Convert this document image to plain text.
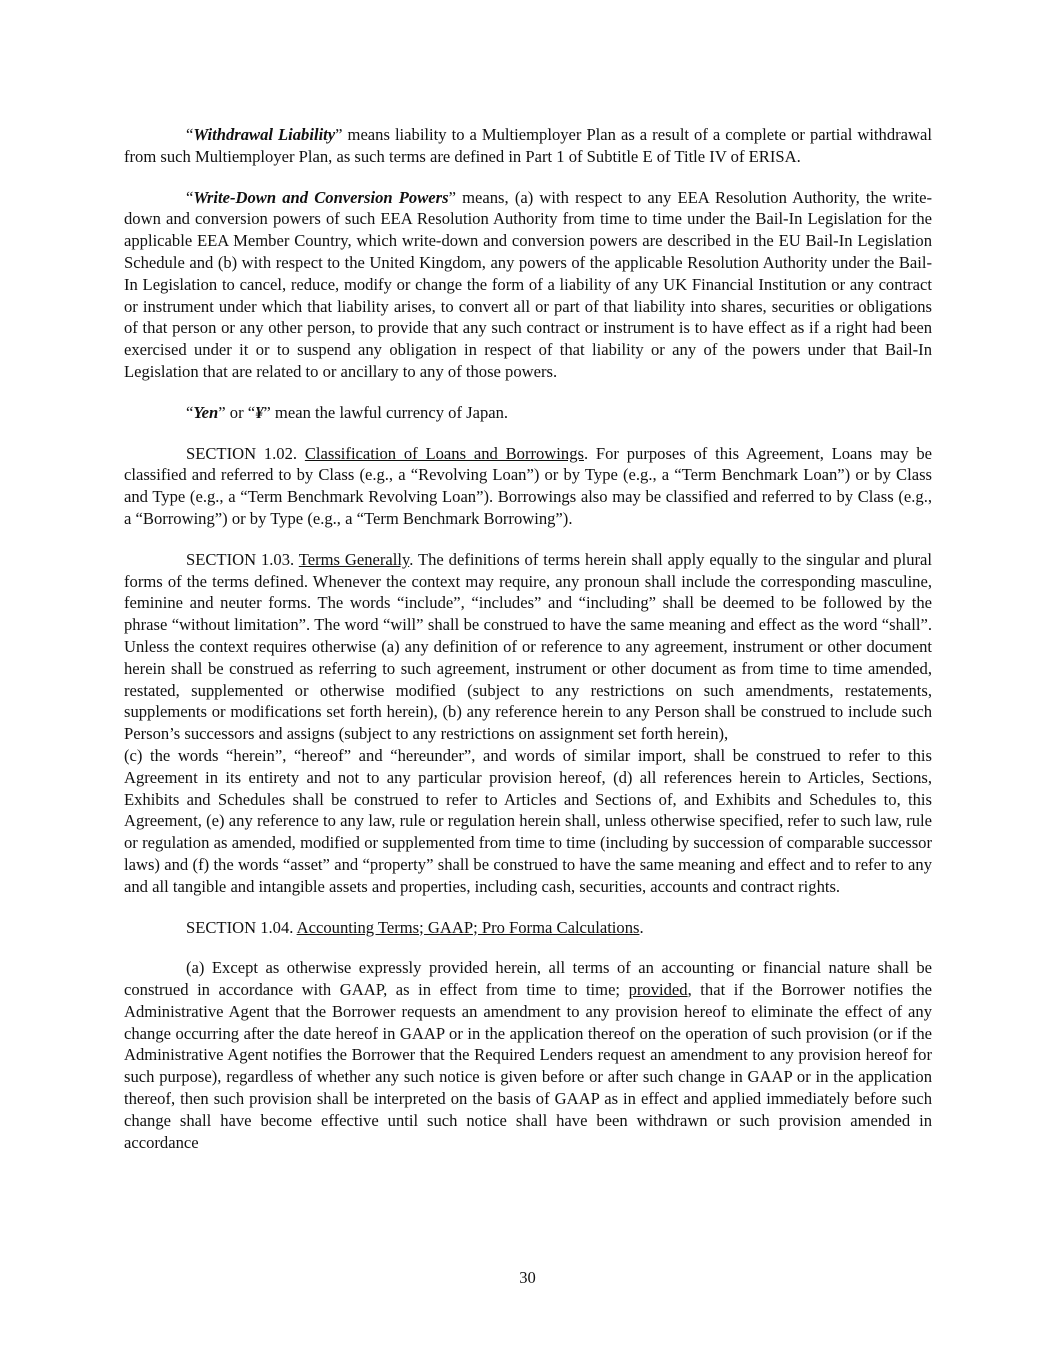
“Withdrawal Liability” means liability to a Multiemployer Plan as a result of a complete or partial withdrawal from such Multiemployer Plan, as such terms are defined in Part 1 of Subtitle E of Title IV of ERISA.

“Write-Down and Conversion Powers” means, (a) with respect to any EEA Resolution Authority, the write-down and conversion powers of such EEA Resolution Authority from time to time under the Bail-In Legislation for the applicable EEA Member Country, which write-down and conversion powers are described in the EU Bail-In Legislation Schedule and (b) with respect to the United Kingdom, any powers of the applicable Resolution Authority under the Bail-In Legislation to cancel, reduce, modify or change the form of a liability of any UK Financial Institution or any contract or instrument under which that liability arises, to convert all or part of that liability into shares, securities or obligations of that person or any other person, to provide that any such contract or instrument is to have effect as if a right had been exercised under it or to suspend any obligation in respect of that liability or any of the powers under that Bail-In Legislation that are related to or ancillary to any of those powers.

“Yen” or “¥” mean the lawful currency of Japan.

SECTION 1.02. Classification of Loans and Borrowings. For purposes of this Agreement, Loans may be classified and referred to by Class (e.g., a “Revolving Loan”) or by Type (e.g., a “Term Benchmark Loan”) or by Class and Type (e.g., a “Term Benchmark Revolving Loan”). Borrowings also may be classified and referred to by Class (e.g., a “Borrowing”) or by Type (e.g., a “Term Benchmark Borrowing”).

SECTION 1.03. Terms Generally. The definitions of terms herein shall apply equally to the singular and plural forms of the terms defined. Whenever the context may require, any pronoun shall include the corresponding masculine, feminine and neuter forms. The words “include”, “includes” and “including” shall be deemed to be followed by the phrase “without limitation”. The word “will” shall be construed to have the same meaning and effect as the word “shall”. Unless the context requires otherwise (a) any definition of or reference to any agreement, instrument or other document herein shall be construed as referring to such agreement, instrument or other document as from time to time amended, restated, supplemented or otherwise modified (subject to any restrictions on such amendments, restatements, supplements or modifications set forth herein), (b) any reference herein to any Person shall be construed to include such Person’s successors and assigns (subject to any restrictions on assignment set forth herein),

(c) the words “herein”, “hereof” and “hereunder”, and words of similar import, shall be construed to refer to this Agreement in its entirety and not to any particular provision hereof, (d) all references herein to Articles, Sections, Exhibits and Schedules shall be construed to refer to Articles and Sections of, and Exhibits and Schedules to, this Agreement, (e) any reference to any law, rule or regulation herein shall, unless otherwise specified, refer to such law, rule or regulation as amended, modified or supplemented from time to time (including by succession of comparable successor laws) and (f) the words “asset” and “property” shall be construed to have the same meaning and effect and to refer to any and all tangible and intangible assets and properties, including cash, securities, accounts and contract rights.

SECTION 1.04. Accounting Terms; GAAP; Pro Forma Calculations.

(a) Except as otherwise expressly provided herein, all terms of an accounting or financial nature shall be construed in accordance with GAAP, as in effect from time to time; provided, that if the Borrower notifies the Administrative Agent that the Borrower requests an amendment to any provision hereof to eliminate the effect of any change occurring after the date hereof in GAAP or in the application thereof on the operation of such provision (or if the Administrative Agent notifies the Borrower that the Required Lenders request an amendment to any provision hereof for such purpose), regardless of whether any such notice is given before or after such change in GAAP or in the application thereof, then such provision shall be interpreted on the basis of GAAP as in effect and applied immediately before such change shall have become effective until such notice shall have been withdrawn or such provision amended in accordance

30
